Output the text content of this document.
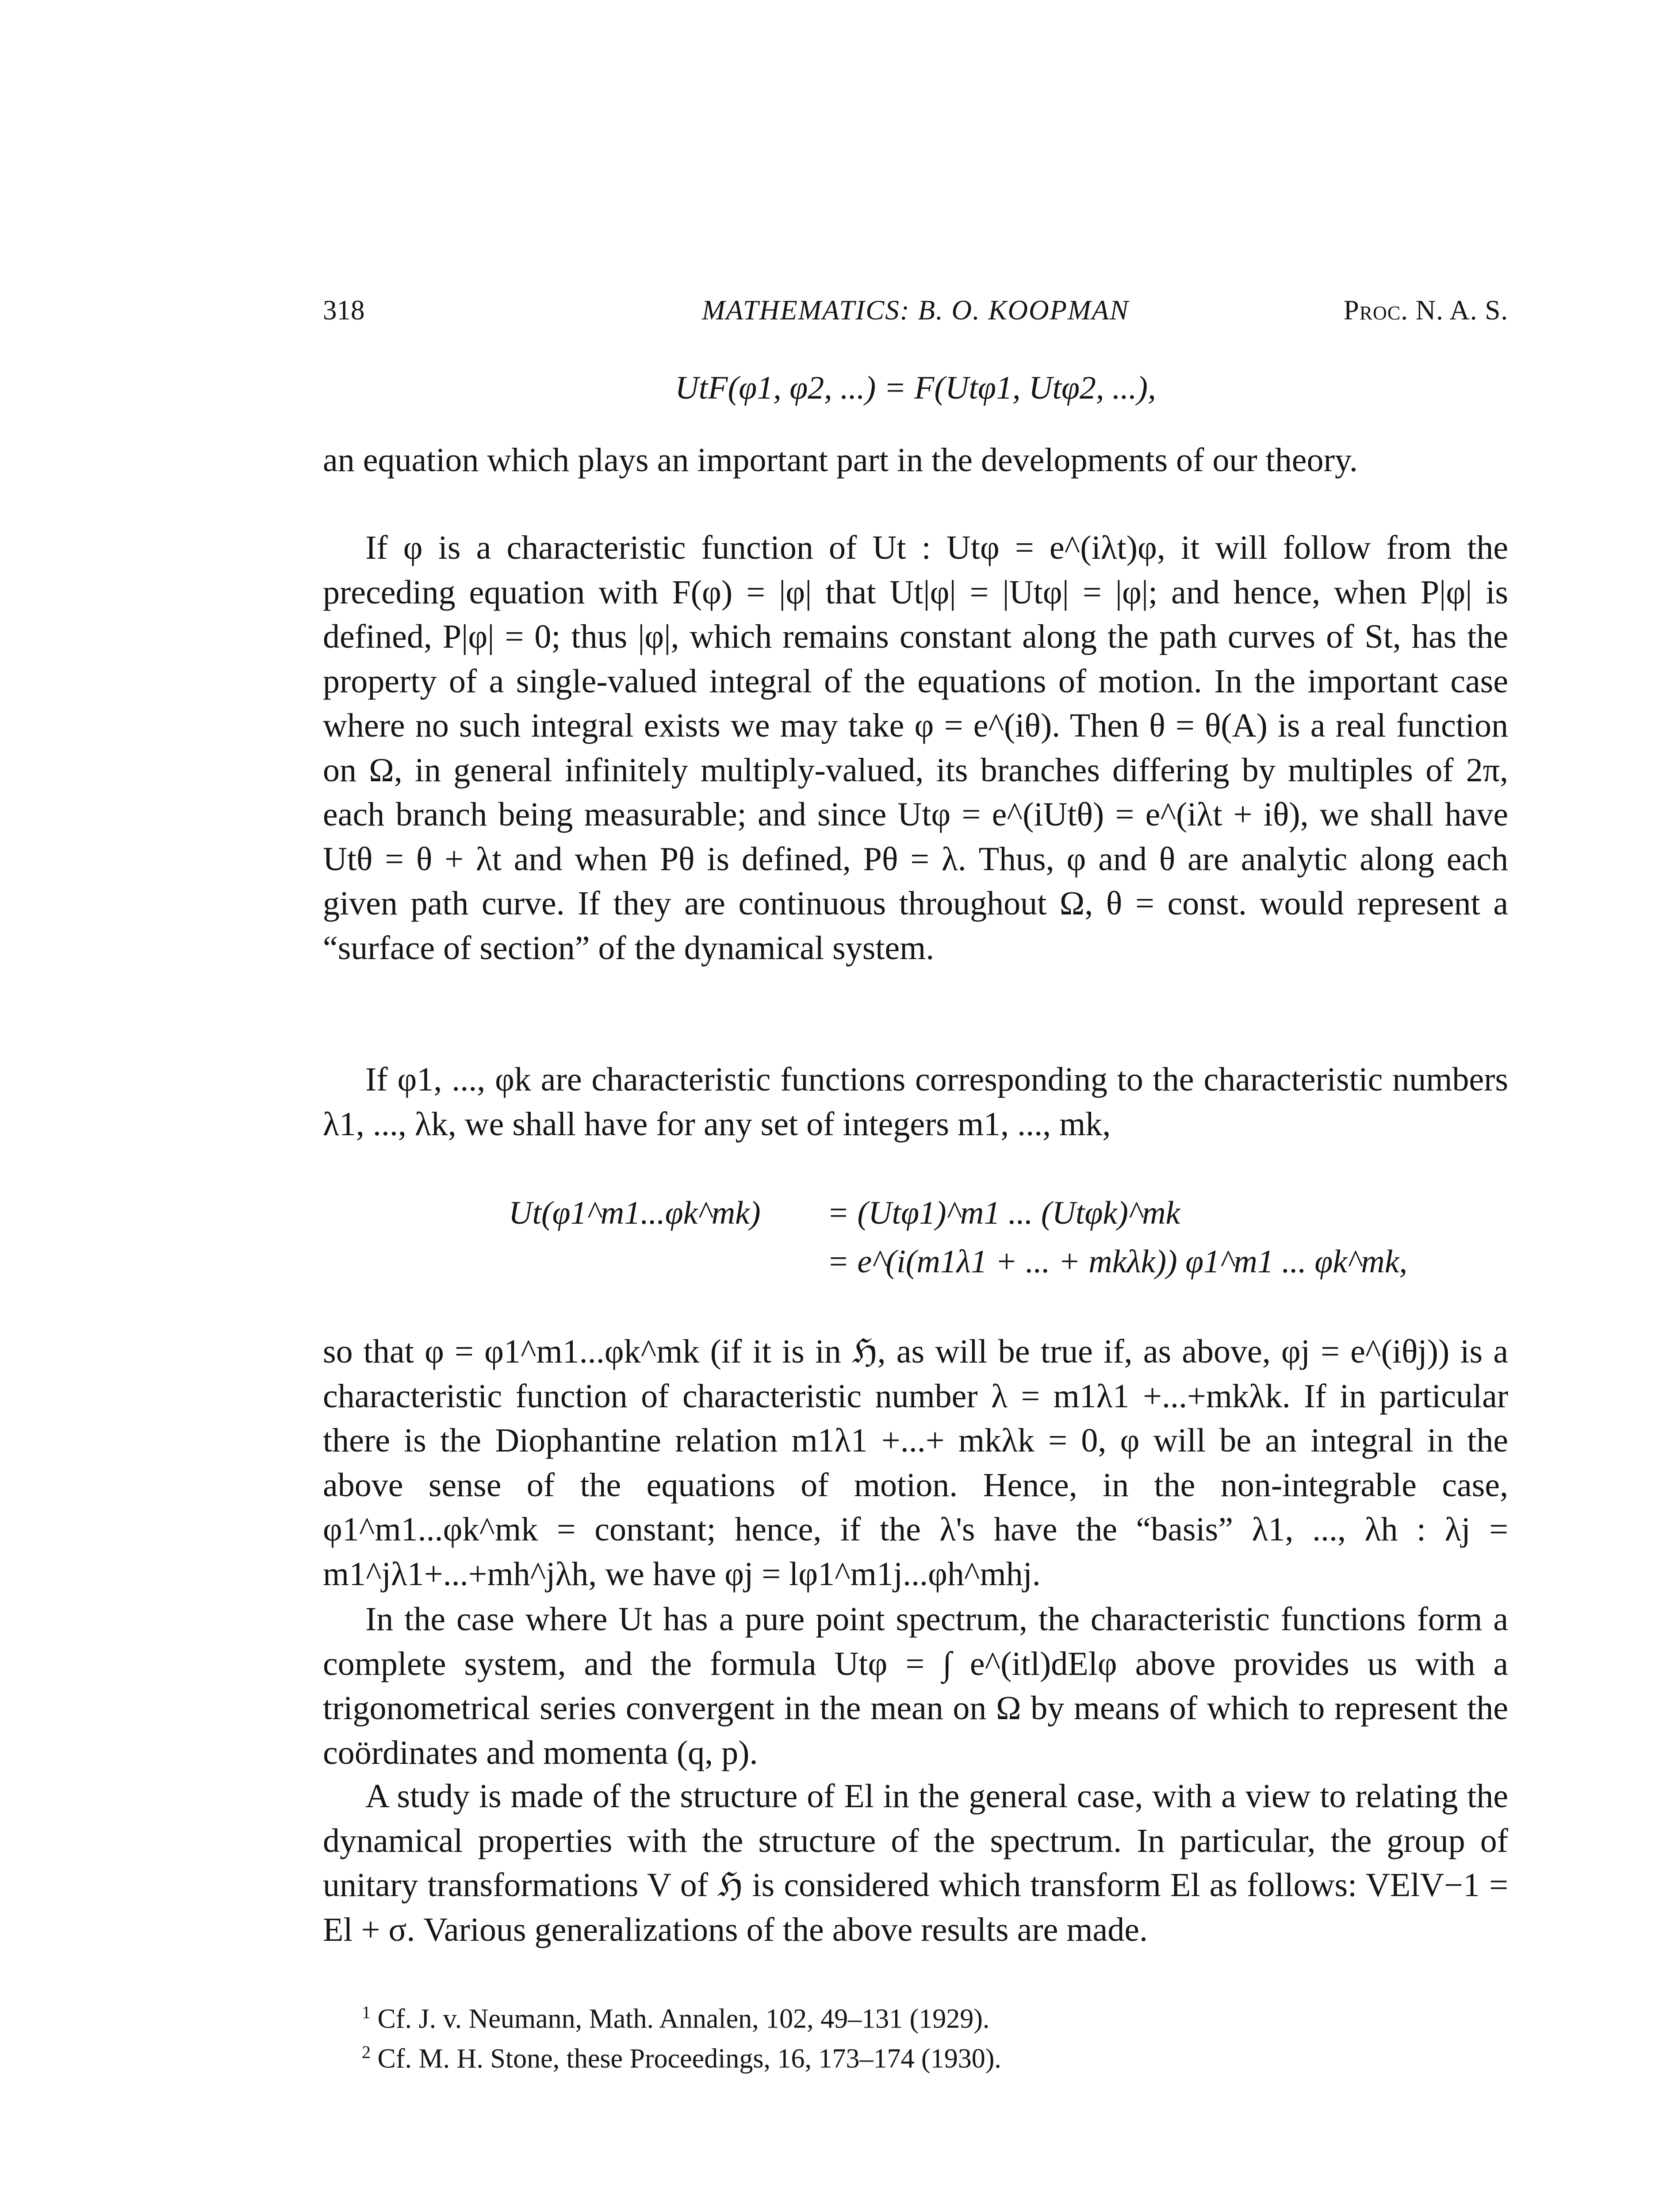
318	MATHEMATICS: B. O. KOOPMAN	Proc. N. A. S.
UtF(φ1, φ2, ...) = F(Utφ1, Utφ2, ...),

an equation which plays an important part in the developments of our theory.

If φ is a characteristic function of Ut : Utφ = e^(iλt)φ, it will follow from the preceding equation with F(φ) = |φ| that Ut|φ| = |Utφ| = |φ|; and hence, when P|φ| is defined, P|φ| = 0; thus |φ|, which remains constant along the path curves of St, has the property of a single-valued integral of the equations of motion. In the important case where no such integral exists we may take φ = e^(iθ). Then θ = θ(A) is a real function on Ω, in general infinitely multiply-valued, its branches differing by multiples of 2π, each branch being measurable; and since Utφ = e^(iUtθ) = e^(iλt + iθ), we shall have Utθ = θ + λt and when Pθ is defined, Pθ = λ. Thus, φ and θ are analytic along each given path curve. If they are continuous throughout Ω, θ = const. would represent a “surface of section” of the dynamical system.

If φ1, ..., φk are characteristic functions corresponding to the characteristic numbers λ1, ..., λk, we shall have for any set of integers m1, ..., mk,

Ut(φ1^m1...φk^mk) = (Utφ1)^m1 ... (Utφk)^mk
= e^(i(m1λ1 + ... + mkλk)) φ1^m1 ... φk^mk,

so that φ = φ1^m1...φk^mk (if it is in ℌ, as will be true if, as above, φj = e^(iθj)) is a characteristic function of characteristic number λ = m1λ1 +...+mkλk. If in particular there is the Diophantine relation m1λ1 +...+ mkλk = 0, φ will be an integral in the above sense of the equations of motion. Hence, in the non-integrable case, φ1^m1...φk^mk = constant; hence, if the λ's have the “basis” λ1, ..., λh : λj = m1^jλ1+...+mh^jλh, we have φj = lφ1^m1j...φh^mhj.

In the case where Ut has a pure point spectrum, the characteristic functions form a complete system, and the formula Utφ = ∫ e^(itl)dElφ above provides us with a trigonometrical series convergent in the mean on Ω by means of which to represent the coördinates and momenta (q, p).

A study is made of the structure of El in the general case, with a view to relating the dynamical properties with the structure of the spectrum. In particular, the group of unitary transformations V of ℌ is considered which transform El as follows: VElV−1 = El + σ. Various generalizations of the above results are made.

$^1$ Cf. J. v. Neumann, Math. Annalen, 102, 49–131 (1929).
$^2$ Cf. M. H. Stone, these Proceedings, 16, 173–174 (1930).
